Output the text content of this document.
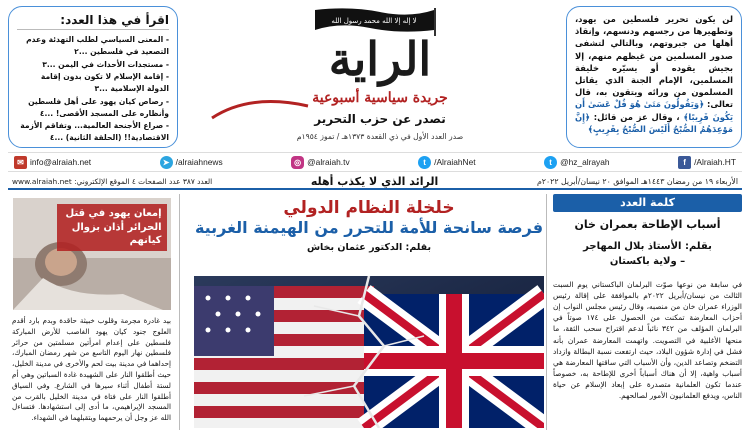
لن يكون تحرير فلسطين من يهود، وتطهيرها من رجسهم ودنسهم، وإنقاذ أهلها من جبروتهم، وبالتالي لتشفى صدور المسلمين من غيظهم منهم، إلا بجيش يقوده أو يسيّره خليفة المسلمين، الإمام الجنة الذي يقاتل المسلمون من ورائه ويتقون به، قال تعالى: ﴿وَيَقُولُونَ مَتَىٰ هُوَ قُلْ عَسَىٰ أَن يَكُونَ قَرِيبًا﴾ ، وقال عز من قائل: ﴿إِنَّ مَوْعِدَهُمُ الصُّبْحُ أَلَيْسَ الصُّبْحُ بِقَرِيبٍ﴾

لا إله إلا الله محمد رسول الله
الراية
جريدة سياسية أسبوعية
تصدر عن حزب التحرير
صدر العدد الأول في ذي القعدة ١٣٧٣هـ / تموز ١٩٥٤م
اقرأ في هذا العدد:
- المعنى السياسي لطلب التهدئة وعدم التصعيد في فلسطين ...٢
- مستجدات الأحداث في اليمن ...٣
- إقامة الإسلام لا تكون بدون إقامة الدولة الإسلامية ...٣
- رصاص كيان يهود على أهل فلسطين وأنظاره على المسجد الأقصى! ...٤
- صراع الأجنحة العالمية... وتفاقم الأزمة الاقتصادية!! (الحلقة الثانية) ...٤
✉ info@alraiah.net	➤ /alraiahnews	◎ @alraiah.tv	t /AlraiahNet	t @hz_alrayah	f /Alraiah.HT
الأربعاء ١٩ من رمضان ١٤٤٣هـ الموافق ٢٠ نيسان/أبريل ٢٠٢٢م
الرائد الذي لا يكذب أهله
العدد ٣٨٧ عدد الصفحات ٤ الموقع الإلكتروني: www.alraiah.net
كلمة العدد
أسباب الإطاحة بعمران خان
بقلم: الأستاذ بلال المهاجر
– ولاية باكستان
في سابقة من نوعها صوّت البرلمان الباكستاني يوم السبت الثالث من نيسان/أبريل ٢٠٢٢م بالموافقة على إقالة رئيس الوزراء عمران خان من منصبه، وقال رئيس مجلس النواب إن أحزاب المعارضة تمكنت من الحصول على ١٧٤ صوتاً في البرلمان المؤلف من ٣٤٢ نائباً لدعم اقتراح سحب الثقة، ما منحها الأغلبية في التصويت. واتهمت المعارضة عمران بأنه فشل في إدارة شؤون البلاد، حيث ارتفعت نسبة البطالة وازداد التضخم وتصاعد الدين، وأن الأسباب التي ساقتها المعارضة هي أسباب واهية، إلا أن هناك أسباباً أخرى للإطاحة به، خصوصاً عندما تكون العلمانية متصدرة على إبعاد الإسلام عن حياة الناس، ويدفع العلمانيون الأمور لصالحهم.
خلخلة النظام الدولي
فرصة سانحة للأمة للتحرر من الهيمنة الغربية
بقلم: الدكتور عثمان بخاش
إمعان يهود في قتل الحرائر أذان بزوال كيانهم
بيد غادرة مجرمة وقلوب خبيثة حاقدة وبدم بارد أقدم العلوج جنود كيان يهود الغاصب للأرض المباركة فلسطين على إعدام امرأتين مسلمتين من حرائر فلسطين نهار اليوم التاسع من شهر رمضان المبارك، إحداهما في مدينة بيت لحم والأخرى في مدينة الخليل، حيث أطلقوا النار على الشهيدة غادة السباتين وهي أم لستة أطفال أثناء سيرها في الشارع. وفي السياق أطلقوا النار على فتاة في مدينة الخليل بالقرب من المسجد الإبراهيمي، ما أدى إلى استشهادها. فتساءل الله عز وجل أن يرحمهما ويتقبلهما في الشهداء.
